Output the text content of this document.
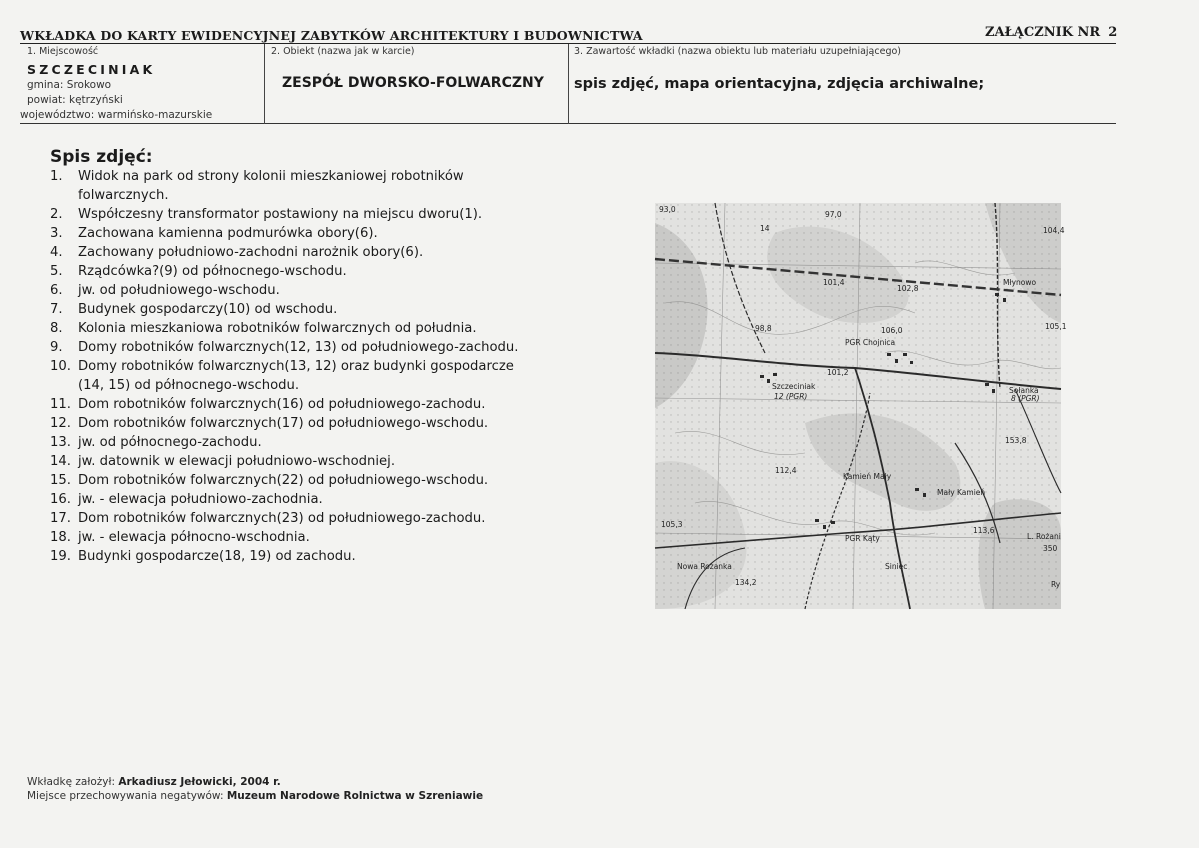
WKŁADKA DO KARTY EWIDENCYJNEJ ZABYTKÓW ARCHITEKTURY I BUDOWNICTWA	ZAŁĄCZNIK NR 2
1. Miejscowość
SZCZECINIAK
gmina: Srokowo
powiat: kętrzyński
województwo: warmińsko-mazurskie
2. Obiekt (nazwa jak w karcie)
ZESPÓŁ DWORSKO-FOLWARCZNY
3. Zawartość wkładki (nazwa obiektu lub materiału uzupełniającego)
spis zdjęć, mapa orientacyjna, zdjęcia archiwalne;
Spis zdjęć:
1.	Widok na park od strony kolonii mieszkaniowej robotników
folwarcznych.
2.	Współczesny transformator postawiony na miejscu dworu(1).
3.	Zachowana kamienna podmurówka obory(6).
4.	Zachowany południowo-zachodni narożnik obory(6).
5.	Rządcówka?(9) od północnego-wschodu.
6.	jw. od południowego-wschodu.
7.	Budynek gospodarczy(10) od wschodu.
8.	Kolonia mieszkaniowa robotników folwarcznych od południa.
9.	Domy robotników folwarcznych(12, 13) od południowego-zachodu.
10. Domy robotników folwarcznych(13, 12) oraz budynki gospodarcze
(14, 15) od północnego-wschodu.
11. Dom robotników folwarcznych(16) od południowego-zachodu.
12. Dom robotników folwarcznych(17) od południowego-wschodu.
13. jw. od północnego-zachodu.
14. jw. datownik w elewacji południowo-wschodniej.
15. Dom robotników folwarcznych(22) od południowego-wschodu.
16. jw. - elewacja południowo-zachodnia.
17. Dom robotników folwarcznych(23) od południowego-zachodu.
18. jw. - elewacja północno-wschodnia.
19. Budynki gospodarcze(18, 19) od zachodu.
93,0
97,0
14	104,4
101,4
102,8
Młynowo
98,8	106,0
PGR Chojnica
105,1
101,2
Szczeciniak
12 (PGR)
Sołanka
8 (PGR)
153,8
112,4
Kamień Mały
Mały Kamień
105,3
113,6
L. Rożani
350
PGR Kąty
Nowa Rożanka	Siniec
134,2	Ry
Wkładkę założył: Arkadiusz Jełowicki, 2004 r.
Miejsce przechowywania negatywów: Muzeum Narodowe Rolnictwa w Szreniawie
